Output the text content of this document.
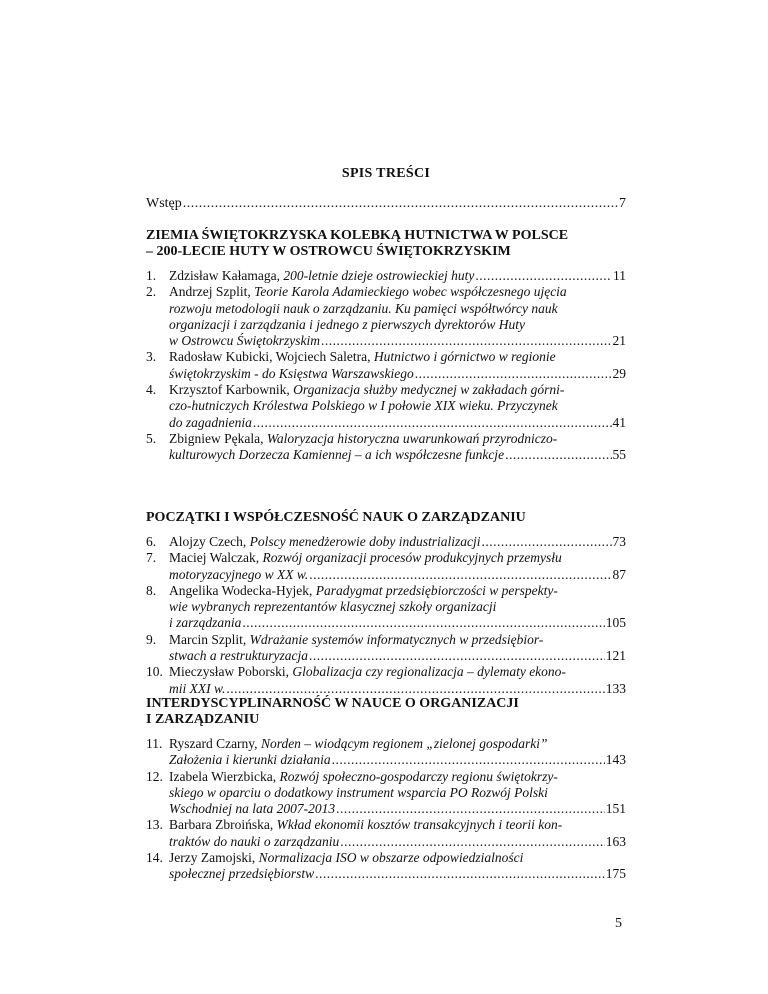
SPIS TREŚCI
Wstęp .....	7
ZIEMIA ŚWIĘTOKRZYSKA KOLEBKĄ HUTNICTWA W POLSCE
– 200-LECIE HUTY W OSTROWCU ŚWIĘTOKRZYSKIM
1. Zdzisław Kałamaga, 200-letnie dzieje ostrowieckiej huty .....	11
2. Andrzej Szplit, Teorie Karola Adamieckiego wobec współczesnego ujęcia
rozwoju metodologii nauk o zarządzaniu. Ku pamięci współtwórcy nauk
organizacji i zarządzania i jednego z pierwszych dyrektorów Huty
w Ostrowcu Świętokrzyskim .....	21
3. Radosław Kubicki, Wojciech Saletra, Hutnictwo i górnictwo w regionie
świętokrzyskim - do Księstwa Warszawskiego .....	29
4. Krzysztof Karbownik, Organizacja służby medycznej w zakładach górni-
czo-hutniczych Królestwa Polskiego w I połowie XIX wieku. Przyczynek
do zagadnienia .....	41
5. Zbigniew Pękala, Waloryzacja historyczna uwarunkowań przyrodniczo-
kulturowych Dorzecza Kamiennej – a ich współczesne funkcje .....	55
POCZĄTKI I WSPÓŁCZESNOŚĆ NAUK O ZARZĄDZANIU
6. Alojzy Czech, Polscy menedżerowie doby industrializacji .....	73
7. Maciej Walczak, Rozwój organizacji procesów produkcyjnych przemysłu
motoryzacyjnego w XX w. .....	87
8. Angelika Wodecka-Hyjek, Paradygmat przedsiębiorczości w perspekty-
wie wybranych reprezentantów klasycznej szkoły organizacji
i zarządzania .....	105
9. Marcin Szplit, Wdrażanie systemów informatycznych w przedsiębior-
stwach a restrukturyzacja .....	121
10. Mieczysław Poborski, Globalizacja czy regionalizacja – dylematy ekono-
mii XXI w. .....	133
INTERDYSCYPLINARNOŚĆ W NAUCE O ORGANIZACJI
I ZARZĄDZANIU
11. Ryszard Czarny, Norden – wiodącym regionem „zielonej gospodarki”
Założenia i kierunki działania .....	143
12. Izabela Wierzbicka, Rozwój społeczno-gospodarczy regionu świętokrzy-
skiego w oparciu o dodatkowy instrument wsparcia PO Rozwój Polski
Wschodniej na lata 2007-2013 .....	151
13. Barbara Zbroińska, Wkład ekonomii kosztów transakcyjnych i teorii kon-
traktów do nauki o zarządzaniu .....	163
14. Jerzy Zamojski, Normalizacja ISO w obszarze odpowiedzialności
społecznej przedsiębiorstw .....	175
5
